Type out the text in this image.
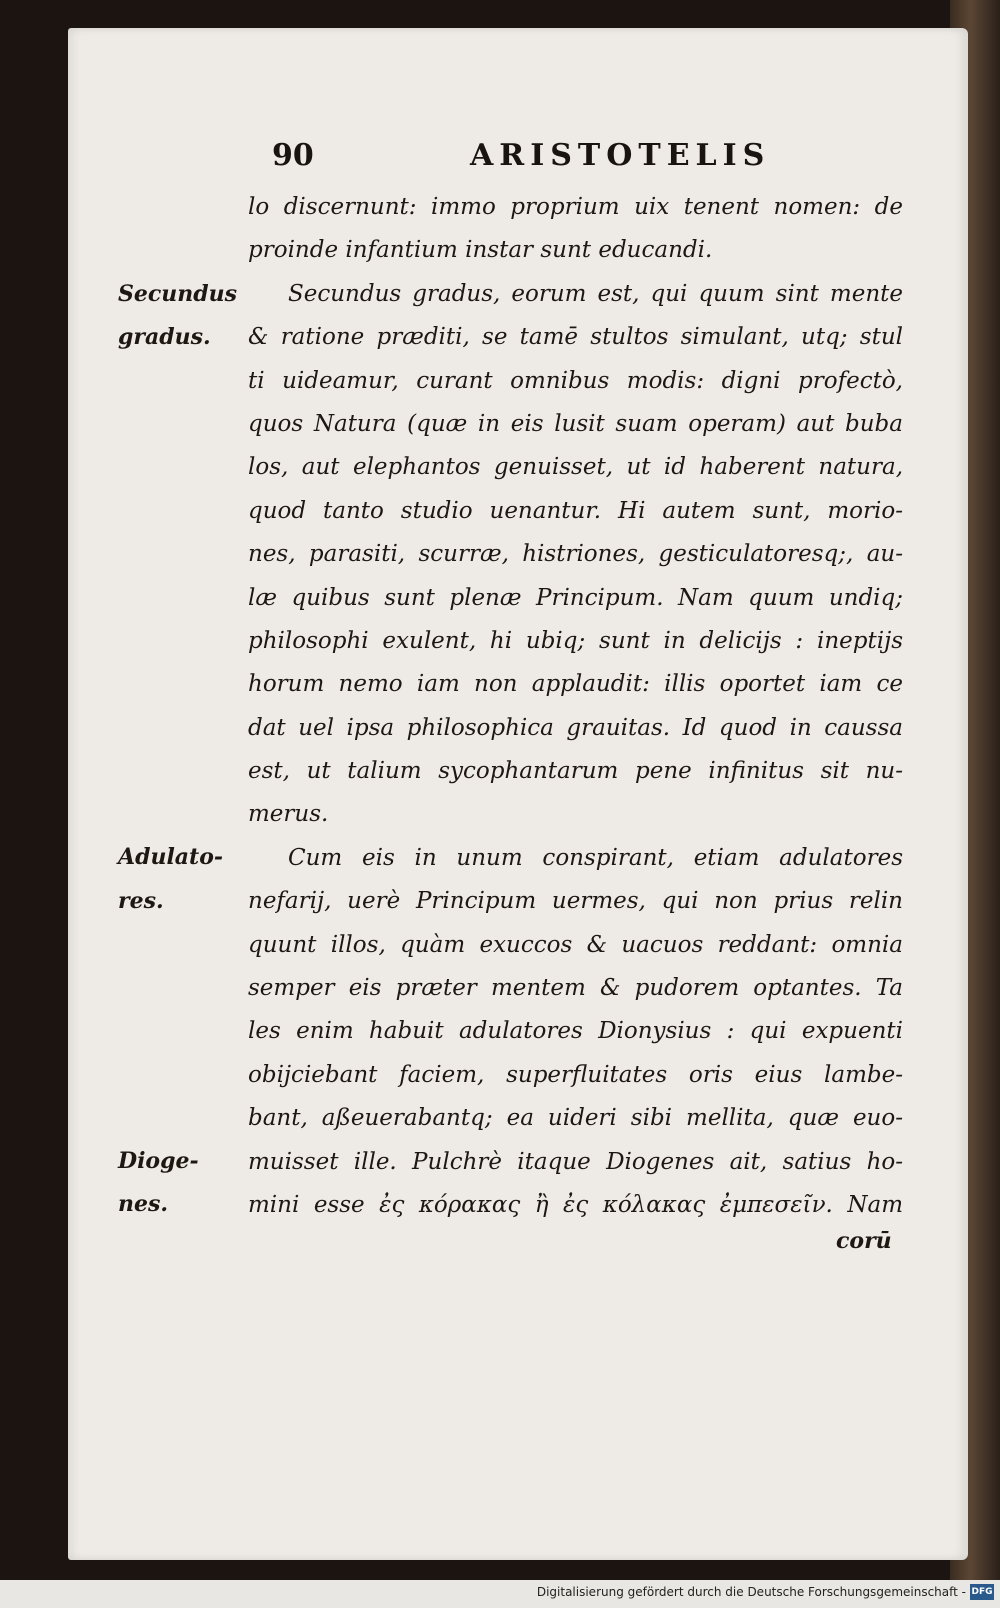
90	ARISTOTELIS
lo discernunt: immo proprium uix tenent nomen: de
proinde infantium instar sunt educandi.
Secundus gradus, eorum est, qui quum sint mente
& ratione præditi, se tamē stultos simulant, utq; stul
ti uideamur, curant omnibus modis: digni profectò,
quos Natura (quæ in eis lusit suam operam) aut buba
los, aut elephantos genuisset, ut id haberent natura,
quod tanto studio uenantur. Hi autem sunt, morio-
nes, parasiti, scurræ, histriones, gesticulatoresq;, au-
læ quibus sunt plenæ Principum. Nam quum undiq;
philosophi exulent, hi ubiq; sunt in delicijs : ineptijs
horum nemo iam non applaudit: illis oportet iam ce
dat uel ipsa philosophica grauitas. Id quod in caussa
est, ut talium sycophantarum pene infinitus sit nu-
merus.
Cum eis in unum conspirant, etiam adulatores
nefarij, uerè Principum uermes, qui non prius relin
quunt illos, quàm exuccos & uacuos reddant: omnia
semper eis præter mentem & pudorem optantes. Ta
les enim habuit adulatores Dionysius : qui expuenti
obijciebant faciem, superfluitates oris eius lambe-
bant, aßeuerabantq; ea uideri sibi mellita, quæ euo-
muisset ille. Pulchrè itaque Diogenes ait, satius ho-
mini esse ἐς κόρακας ἢ ἐς κόλακας ἐμπεσεῖν. Nam
corū
Secundus
gradus.
Adulato-
res.
Dioge-
nes.
Digitalisierung gefördert durch die Deutsche Forschungsgemeinschaft - DFG
